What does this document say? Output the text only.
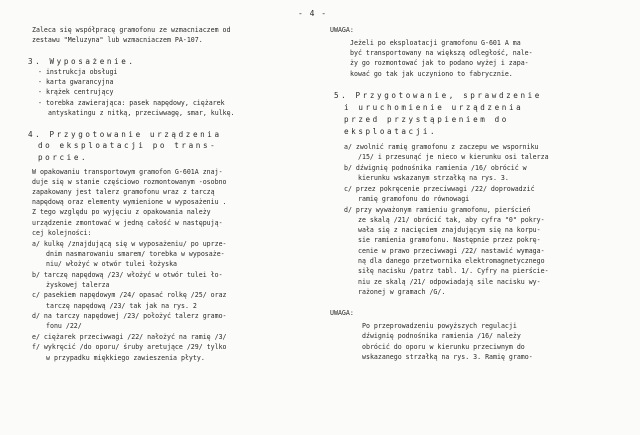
- 4 -
Zaleca się współpracę gramofonu ze wzmacniaczem od
zestawu "Meluzyna" lub wzmacniaczem PA-107.
3. Wyposażenie.
- instrukcja obsługi
- karta gwarancyjna
- krążek centrujący
- torebka zawierająca: pasek napędowy, ciężarek
antyskatingu z nitką, przeciwwagę, smar, kulkę.
4. Przygotowanie urządzenia
do eksploatacji po trans-
porcie.
W opakowaniu transportowym gramofon G-601A znaj-
duje się w stanie częściowo rozmontowanym -osobno
zapakowany jest talerz gramofonu wraz z tarczą
napędową oraz elementy wymienione w wyposażeniu .
Z tego względu po wyjęciu z opakowania należy
urządzenie zmontować w jedną całość w następują-
cej kolejności:
a/ kulkę /znajdującą się w wyposażeniu/ po uprze-
dnim nasmarowaniu smarem/ torebka w wyposaże-
niu/ włożyć w otwór tulei łożyska
b/ tarczę napędową /23/ włożyć w otwór tulei ło-
żyskowej talerza
c/ pasekiem napędowym /24/ opasać rolkę /25/ oraz
tarczę napędową /23/ tak jak na rys. 2
d/ na tarczy napędowej /23/ położyć talerz gramo-
fonu /22/
e/ ciężarek przeciwwagi /22/ nałożyć na ramię /3/
f/ wykręcić /do oporu/ śruby aretujące /29/ tylko
w przypadku miękkiego zawieszenia płyty.
UWAGA:
Jeżeli po eksploatacji gramofonu G-601 A ma
być transportowany na większą odległość, nale-
ży go rozmontować jak to podano wyżej i zapa-
kować go tak jak uczyniono to fabrycznie.
5. Przygotowanie, sprawdzenie
i uruchomienie urządzenia
przed przystąpieniem do
eksploatacji.
a/ zwolnić ramię gramofonu z zaczepu we wsporniku
/15/ i przesunąć je nieco w kierunku osi talerza
b/ dźwignię podnośnika ramienia /16/ obrócić w
kierunku wskazanym strzałką na rys. 3.
c/ przez pokręcenie przeciwwagi /22/ doprowadzić
ramię gramofonu do równowagi
d/ przy wyważonym ramieniu gramofonu, pierścień
ze skalą /21/ obrócić tak, aby cyfra "0" pokry-
wała się z nacięciem znajdującym się na korpu-
sie ramienia gramofonu. Następnie przez pokrę-
cenie w prawo przeciwwagi /22/ nastawić wymaga-
ną dla danego przetwornika elektromagnetycznego
siłę nacisku /patrz tabl. 1/. Cyfry na pierście-
niu ze skalą /21/ odpowiadają sile nacisku wy-
rażonej w gramach /G/.
UWAGA:
Po przeprowadzeniu powyższych regulacji
dźwignię podnośnika ramienia /16/ należy
obrócić do oporu w kierunku przeciwnym do
wskazanego strzałką na rys. 3. Ramię gramo-
